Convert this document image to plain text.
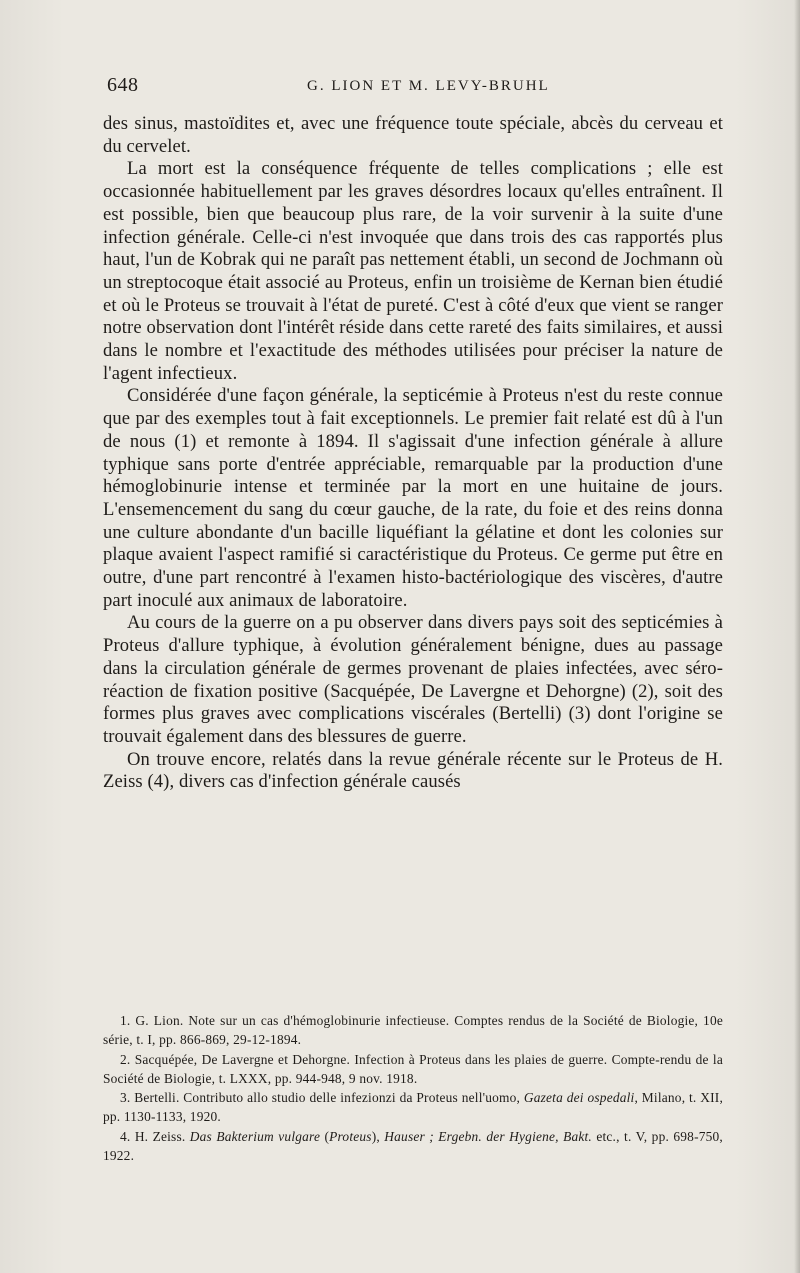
648	G. LION ET M. LEVY-BRUHL

des sinus, mastoïdites et, avec une fréquence toute spéciale, abcès du cerveau et du cervelet.

La mort est la conséquence fréquente de telles complications ; elle est occasionnée habituellement par les graves désordres locaux qu'elles entraînent. Il est possible, bien que beaucoup plus rare, de la voir survenir à la suite d'une infection générale. Celle-ci n'est invoquée que dans trois des cas rapportés plus haut, l'un de Kobrak qui ne paraît pas nettement établi, un second de Jochmann où un streptocoque était associé au Proteus, enfin un troisième de Kernan bien étudié et où le Proteus se trouvait à l'état de pureté. C'est à côté d'eux que vient se ranger notre observation dont l'intérêt réside dans cette rareté des faits similaires, et aussi dans le nombre et l'exactitude des méthodes utilisées pour préciser la nature de l'agent infectieux.

Considérée d'une façon générale, la septicémie à Proteus n'est du reste connue que par des exemples tout à fait exceptionnels. Le premier fait relaté est dû à l'un de nous (1) et remonte à 1894. Il s'agissait d'une infection générale à allure typhique sans porte d'entrée appréciable, remarquable par la production d'une hémoglobinurie intense et terminée par la mort en une huitaine de jours. L'ensemencement du sang du cœur gauche, de la rate, du foie et des reins donna une culture abondante d'un bacille liquéfiant la gélatine et dont les colonies sur plaque avaient l'aspect ramifié si caractéristique du Proteus. Ce germe put être en outre, d'une part rencontré à l'examen histo-bactériologique des viscères, d'autre part inoculé aux animaux de laboratoire.

Au cours de la guerre on a pu observer dans divers pays soit des septicémies à Proteus d'allure typhique, à évolution généralement bénigne, dues au passage dans la circulation générale de germes provenant de plaies infectées, avec séro-réaction de fixation positive (Sacquépée, De Lavergne et Dehorgne) (2), soit des formes plus graves avec complications viscérales (Bertelli) (3) dont l'origine se trouvait également dans des blessures de guerre.

On trouve encore, relatés dans la revue générale récente sur le Proteus de H. Zeiss (4), divers cas d'infection générale causés

1. G. Lion. Note sur un cas d'hémoglobinurie infectieuse. Comptes rendus de la Société de Biologie, 10e série, t. I, pp. 866-869, 29-12-1894.

2. Sacquépée, De Lavergne et Dehorgne. Infection à Proteus dans les plaies de guerre. Compte-rendu de la Société de Biologie, t. LXXX, pp. 944-948, 9 nov. 1918.

3. Bertelli. Contributo allo studio delle infezionzi da Proteus nell'uomo, Gazeta dei ospedali, Milano, t. XII, pp. 1130-1133, 1920.

4. H. Zeiss. Das Bakterium vulgare (Proteus), Hauser ; Ergebn. der Hygiene, Bakt. etc., t. V, pp. 698-750, 1922.
